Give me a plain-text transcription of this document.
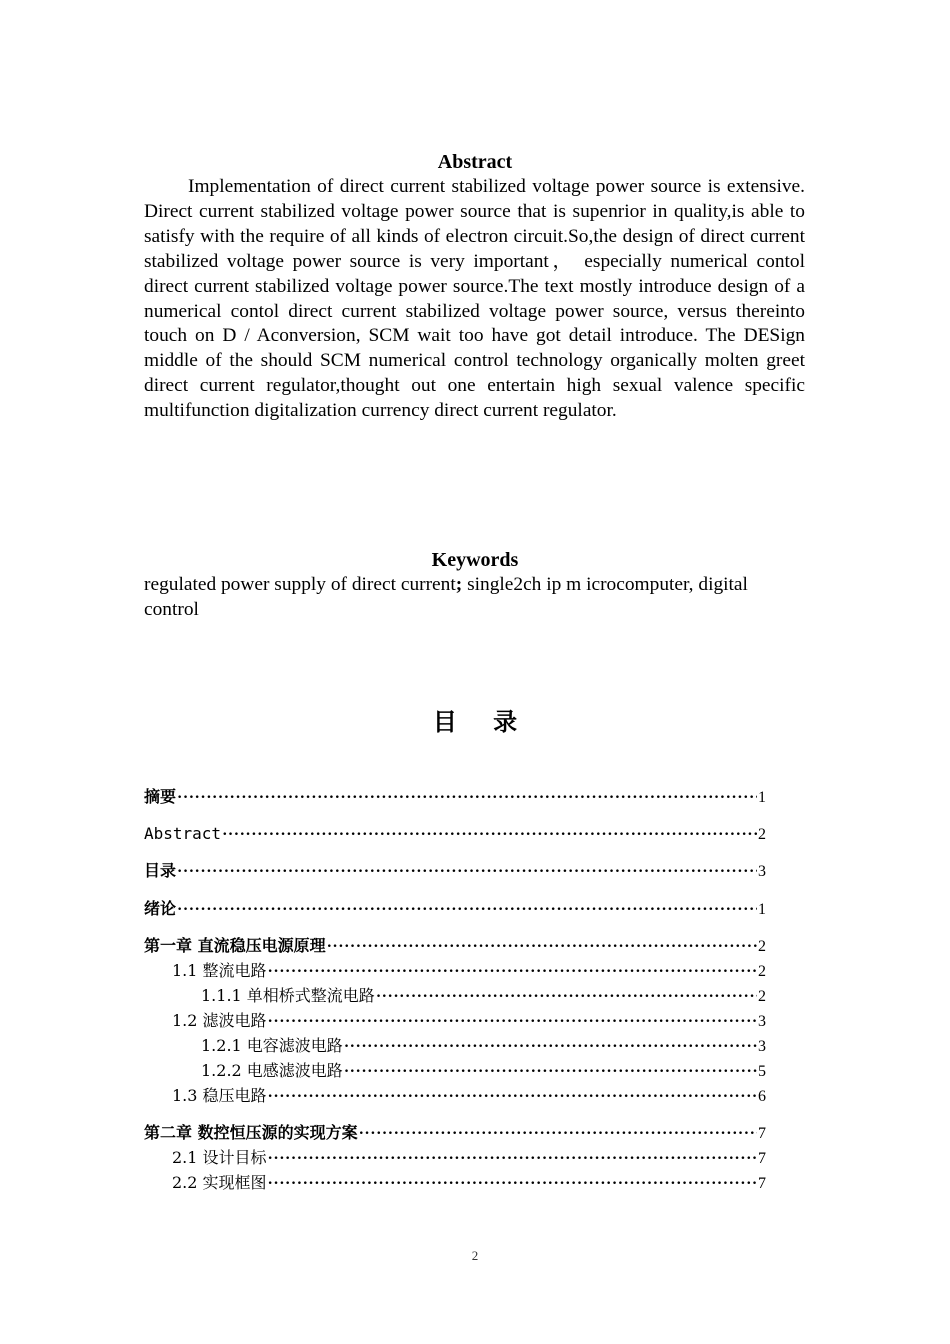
Abstract

Implementation of direct current stabilized voltage power source is extensive. Direct current stabilized voltage power source that is supenrior in quality,is able to satisfy with the require of all kinds of electron circuit.So,the design of direct current stabilized voltage power source is very important， especially numerical contol direct current stabilized voltage power source.The text mostly introduce design of a numerical contol direct current stabilized voltage power source, versus thereinto touch on D / Aconversion, SCM wait too have got detail introduce. The DESign middle of the should SCM numerical control technology organically molten greet direct current regulator,thought out one entertain high sexual valence specific multifunction digitalization currency direct current regulator.

Keywords

regulated power supply of direct current; single2ch ip m icrocomputer, digital control

目 录
摘要 ·····	1
Abstract ·····	2
目录 ·····	3
绪论 ·····	1
第一章 直流稳压电源原理 ·····	2
1.1 整流电路 ·····	2
1.1.1 单相桥式整流电路 ·····	2
1.2 滤波电路 ·····	3
1.2.1 电容滤波电路 ·····	3
1.2.2 电感滤波电路 ·····	5
1.3 稳压电路 ·····	6
第二章 数控恒压源的实现方案 ·····	7
2.1 设计目标 ·····	7
2.2 实现框图 ·····	7
2
